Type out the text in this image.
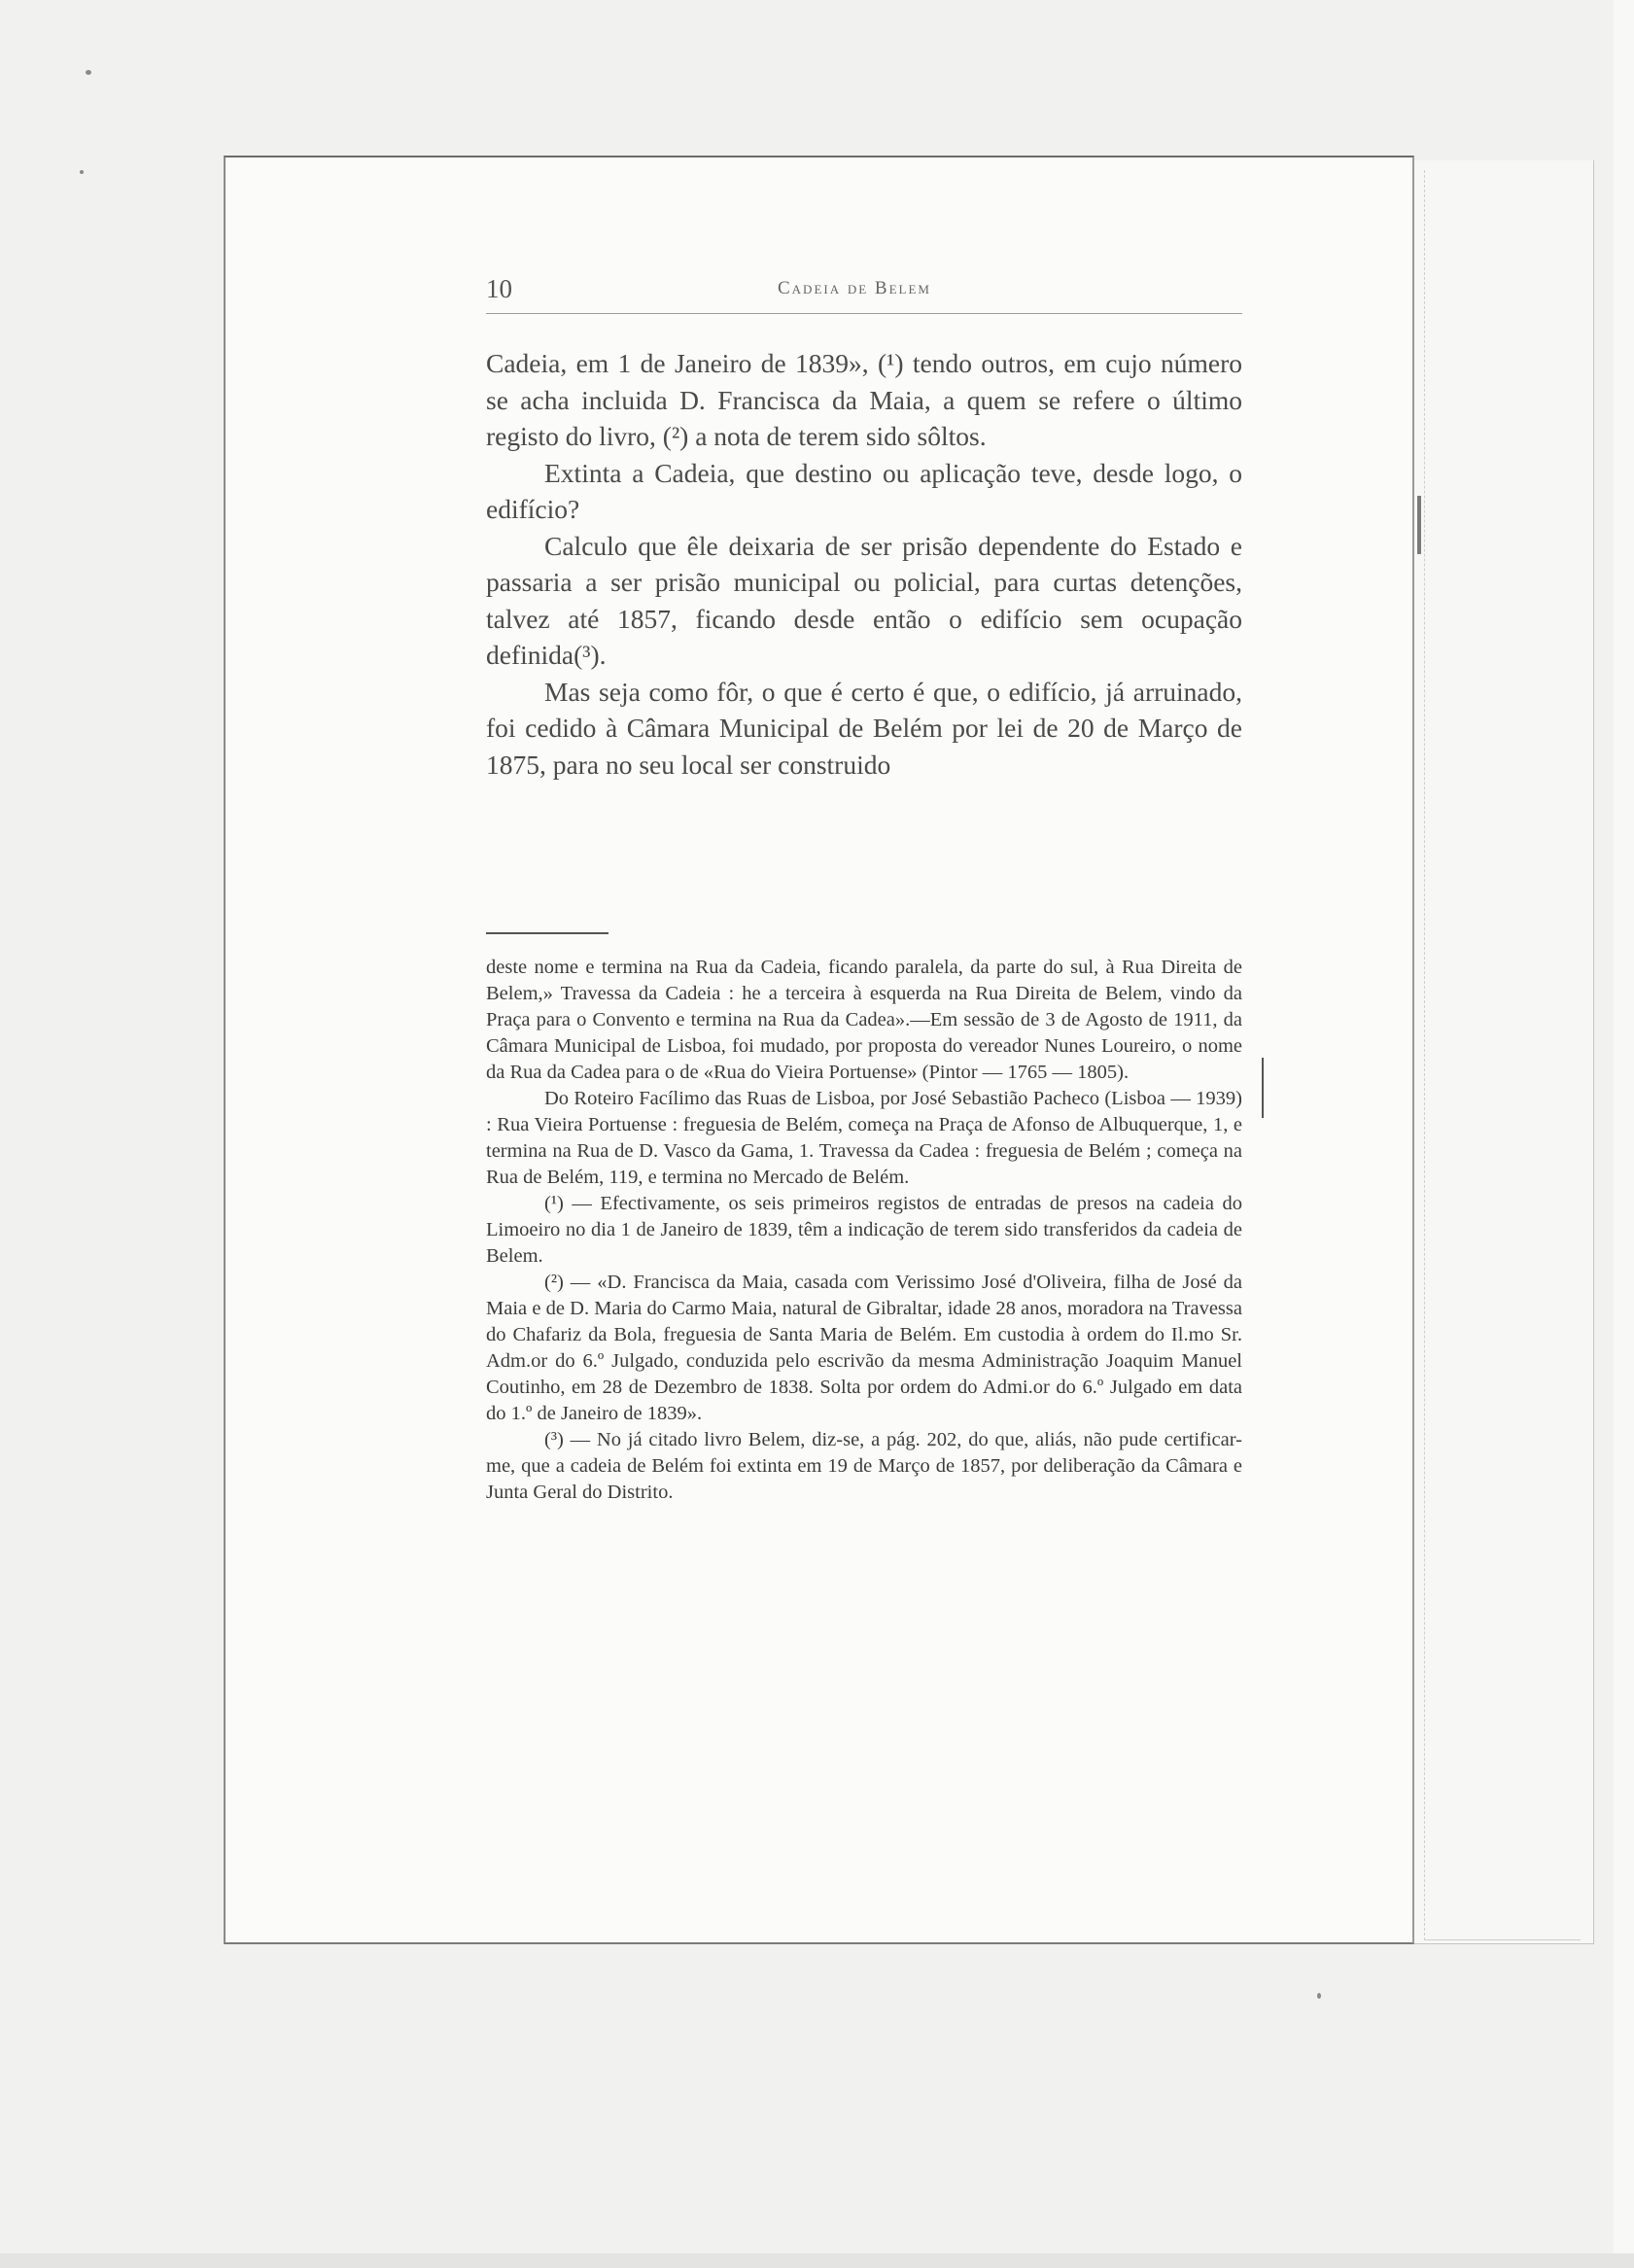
10	Cadeia de Belem

Cadeia, em 1 de Janeiro de 1839», (¹) tendo outros, em cujo número se acha incluida D. Francisca da Maia, a quem se refere o último registo do livro, (²) a nota de terem sido sôltos.

Extinta a Cadeia, que destino ou aplicação teve, desde logo, o edifício?

Calculo que êle deixaria de ser prisão dependente do Estado e passaria a ser prisão municipal ou policial, para curtas detenções, talvez até 1857, ficando desde então o edifício sem ocupação definida(³).

Mas seja como fôr, o que é certo é que, o edifício, já arruinado, foi cedido à Câmara Municipal de Belém por lei de 20 de Março de 1875, para no seu local ser construido

deste nome e termina na Rua da Cadeia, ficando paralela, da parte do sul, à Rua Direita de Belem,» Travessa da Cadeia : he a terceira à esquerda na Rua Direita de Belem, vindo da Praça para o Convento e termina na Rua da Cadea».—Em sessão de 3 de Agosto de 1911, da Câmara Municipal de Lisboa, foi mudado, por proposta do vereador Nunes Loureiro, o nome da Rua da Cadea para o de «Rua do Vieira Portuense» (Pintor — 1765 — 1805).

Do Roteiro Facílimo das Ruas de Lisboa, por José Sebastião Pacheco (Lisboa — 1939) : Rua Vieira Portuense : freguesia de Belém, começa na Praça de Afonso de Albuquerque, 1, e termina na Rua de D. Vasco da Gama, 1. Travessa da Cadea : freguesia de Belém ; começa na Rua de Belém, 119, e termina no Mercado de Belém.

(¹) — Efectivamente, os seis primeiros registos de entradas de presos na cadeia do Limoeiro no dia 1 de Janeiro de 1839, têm a indicação de terem sido transferidos da cadeia de Belem.

(²) — «D. Francisca da Maia, casada com Verissimo José d'Oliveira, filha de José da Maia e de D. Maria do Carmo Maia, natural de Gibraltar, idade 28 anos, moradora na Travessa do Chafariz da Bola, freguesia de Santa Maria de Belém. Em custodia à ordem do Il.mo Sr. Adm.or do 6.º Julgado, conduzida pelo escrivão da mesma Administração Joaquim Manuel Coutinho, em 28 de Dezembro de 1838. Solta por ordem do Admi.or do 6.º Julgado em data do 1.º de Janeiro de 1839».

(³) — No já citado livro Belem, diz-se, a pág. 202, do que, aliás, não pude certificar-me, que a cadeia de Belém foi extinta em 19 de Março de 1857, por deliberação da Câmara e Junta Geral do Distrito.
